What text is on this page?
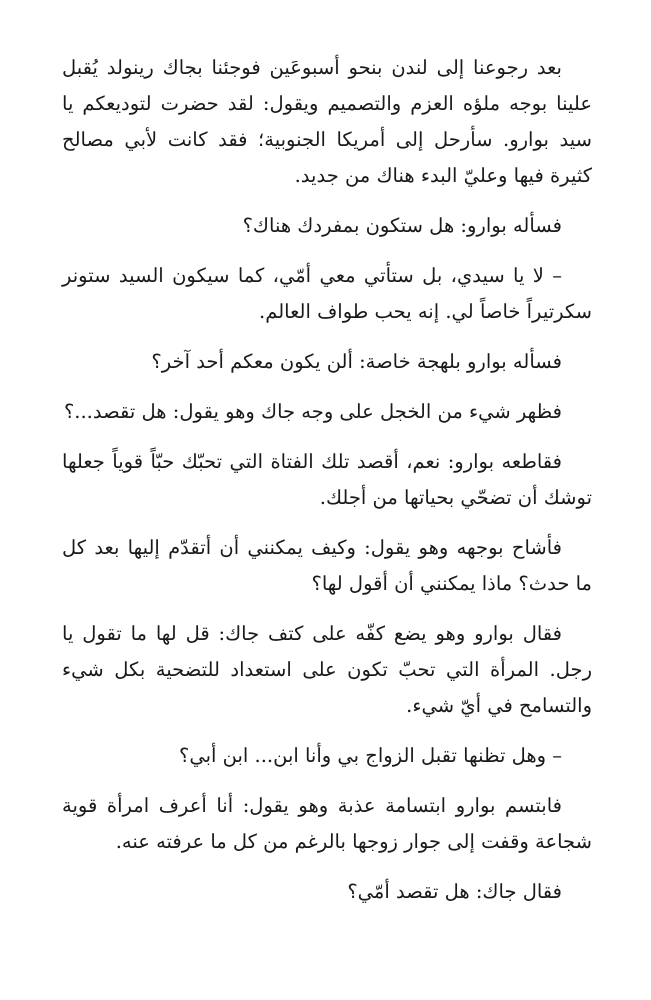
بعد رجوعنا إلى لندن بنحو أسبوعَين فوجئنا بجاك رينولد يُقبل علينا بوجه ملؤه العزم والتصميم ويقول: لقد حضرت لتوديعكم يا سيد بوارو. سأرحل إلى أمريكا الجنوبية؛ فقد كانت لأبي مصالح كثيرة فيها وعليّ البدء هناك من جديد.

فسأله بوارو: هل ستكون بمفردك هناك؟

– لا يا سيدي، بل ستأتي معي أمّي، كما سيكون السيد ستونر سكرتيراً خاصاً لي. إنه يحب طواف العالم.

فسأله بوارو بلهجة خاصة: ألن يكون معكم أحد آخر؟

فظهر شيء من الخجل على وجه جاك وهو يقول: هل تقصد...؟

فقاطعه بوارو: نعم، أقصد تلك الفتاة التي تحبّك حبّاً قوياً جعلها توشك أن تضحّي بحياتها من أجلك.

فأشاح بوجهه وهو يقول: وكيف يمكنني أن أتقدّم إليها بعد كل ما حدث؟ ماذا يمكنني أن أقول لها؟

فقال بوارو وهو يضع كفّه على كتف جاك: قل لها ما تقول يا رجل. المرأة التي تحبّ تكون على استعداد للتضحية بكل شيء والتسامح في أيّ شيء.

– وهل تظنها تقبل الزواج بي وأنا ابن... ابن أبي؟

فابتسم بوارو ابتسامة عذبة وهو يقول: أنا أعرف امرأة قوية شجاعة وقفت إلى جوار زوجها بالرغم من كل ما عرفته عنه.

فقال جاك: هل تقصد أمّي؟
